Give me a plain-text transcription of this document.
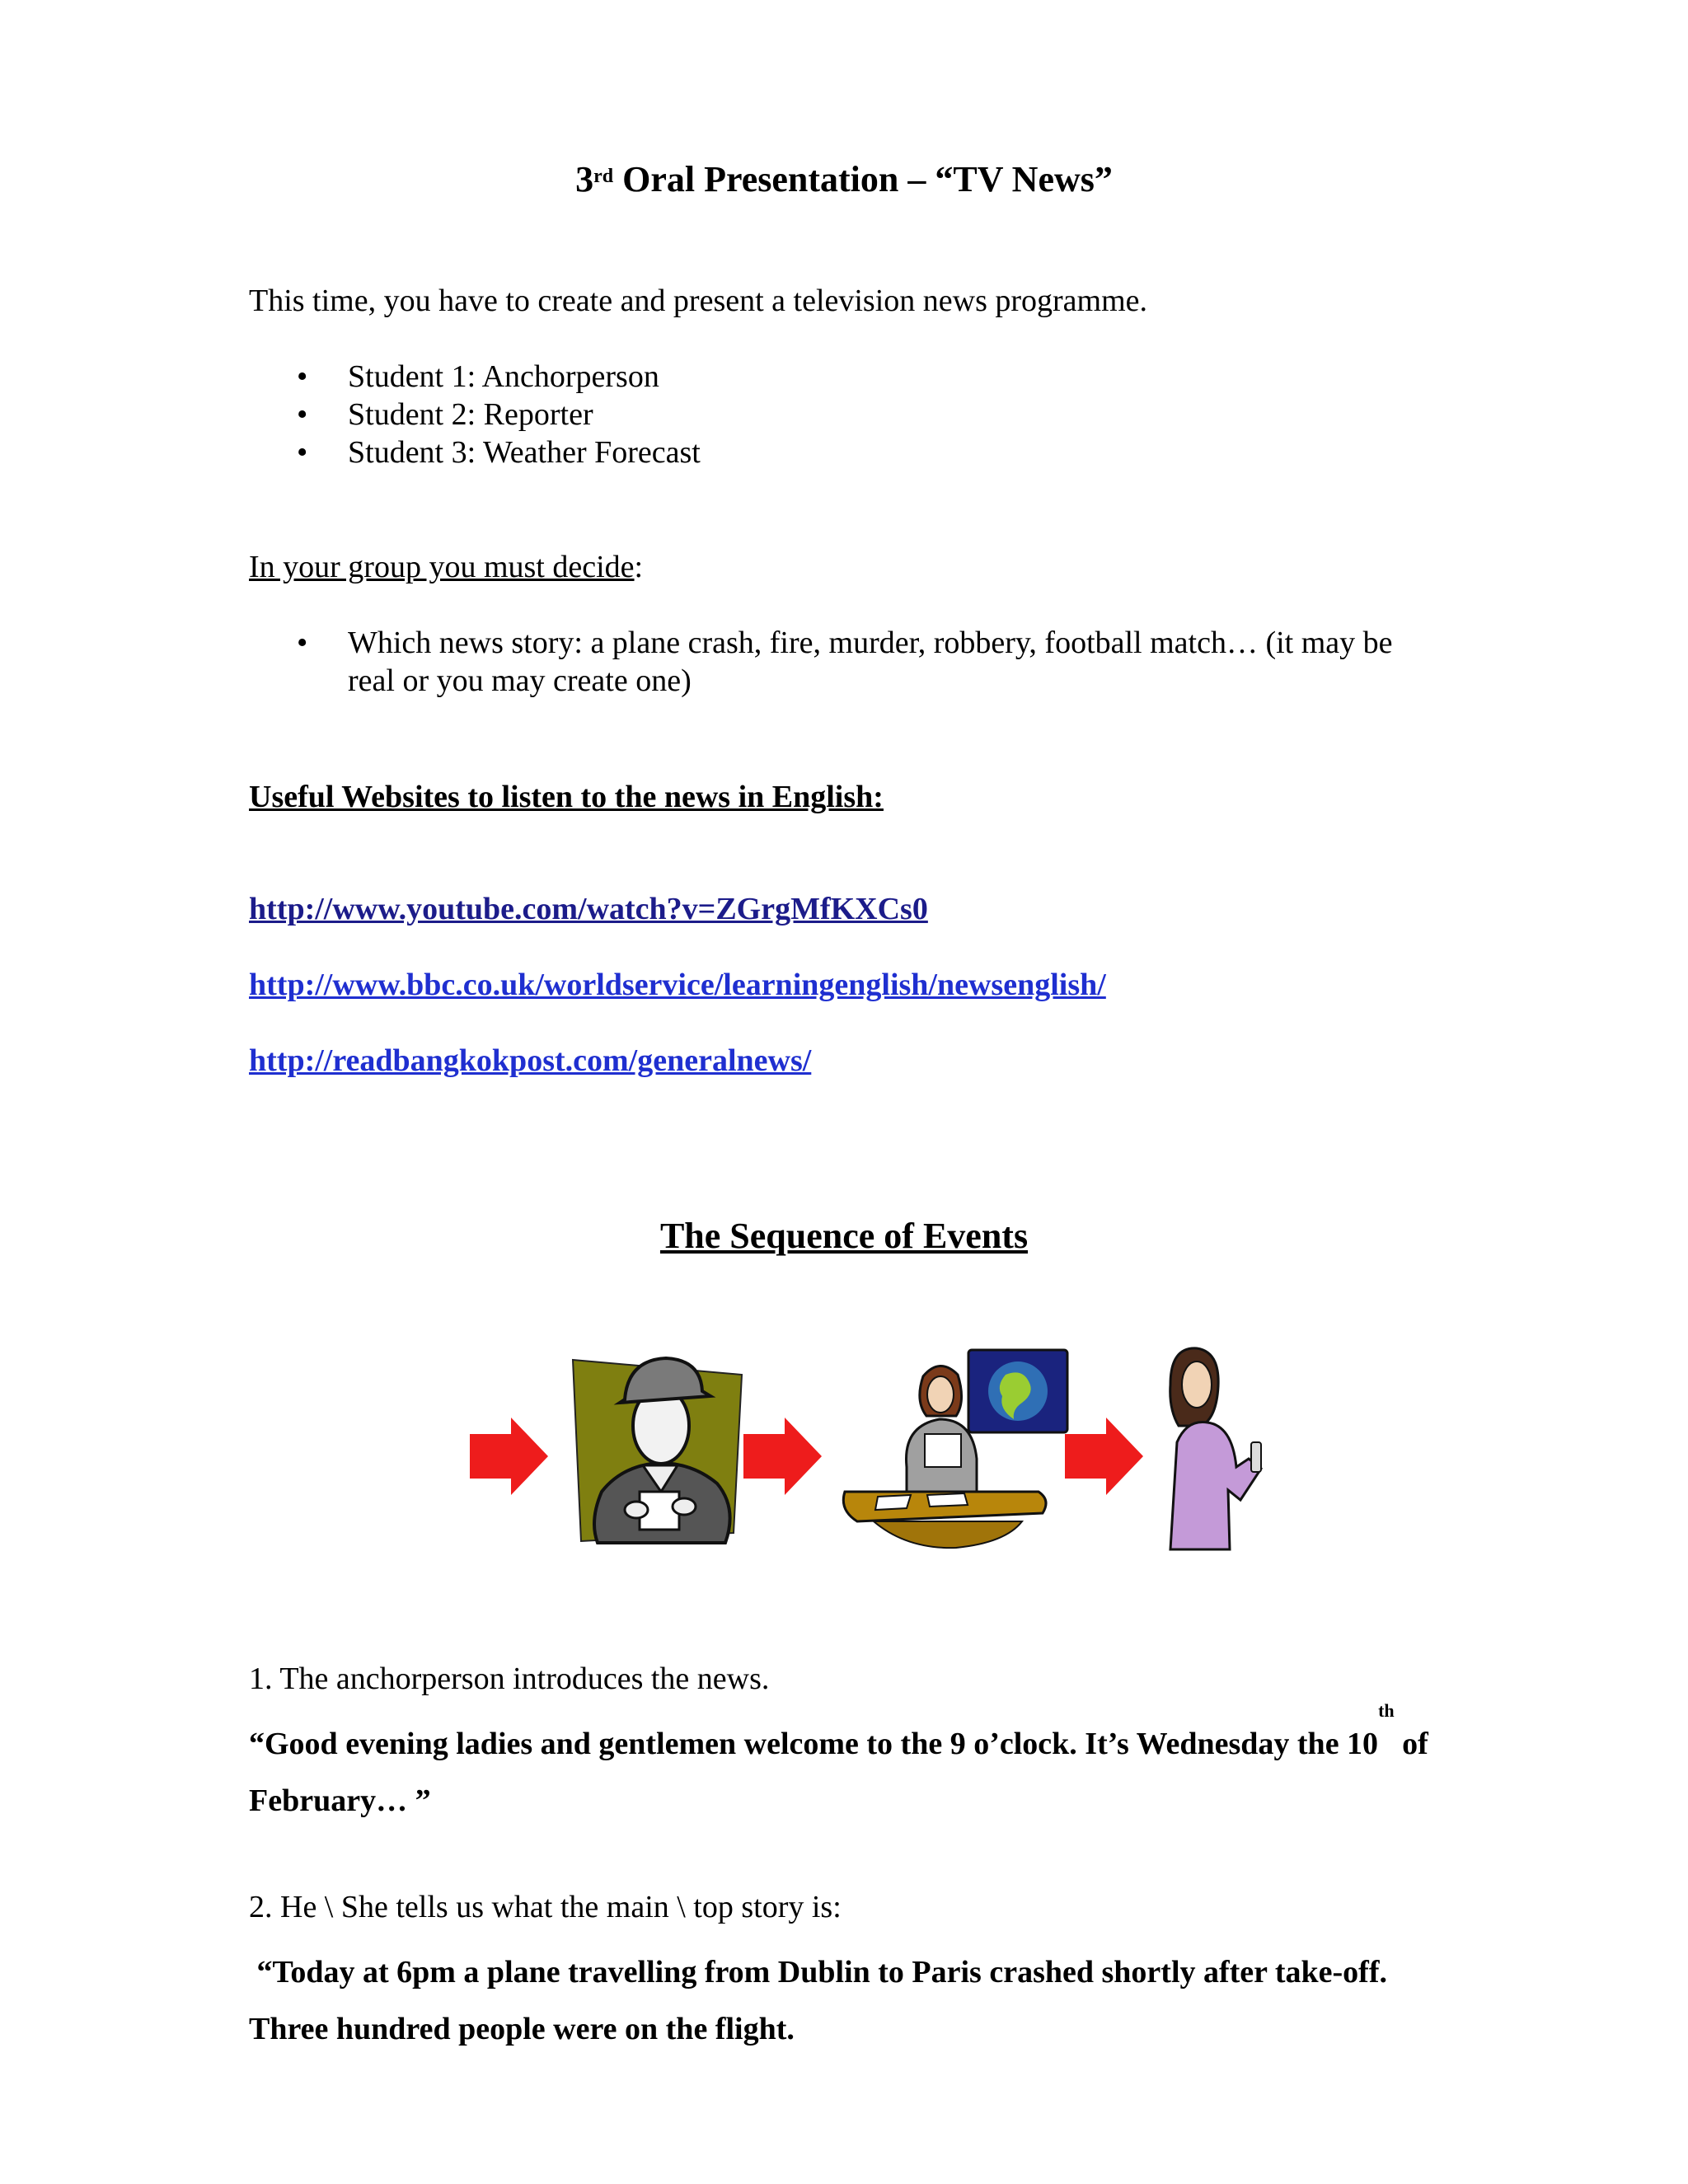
3rd Oral Presentation – “TV News”

This time, you have to create and present a television news programme.

• Student 1: Anchorperson
• Student 2: Reporter
• Student 3: Weather Forecast

In your group you must decide:

• Which news story: a plane crash, fire, murder, robbery, football match… (it may be real or you may create one)

Useful Websites to listen to the news in English:

http://www.youtube.com/watch?v=ZGrgMfKXCs0
http://www.bbc.co.uk/worldservice/learningenglish/newsenglish/
http://readbangkokpost.com/generalnews/
The Sequence of Events

1. The anchorperson introduces the news.

“Good evening ladies and gentlemen welcome to the 9 o’clock. It’s Wednesday the 10th of February… ”

2. He \ She tells us what the main \ top story is:

“Today at 6pm a plane travelling from Dublin to Paris crashed shortly after take-off. Three hundred people were on the flight.
